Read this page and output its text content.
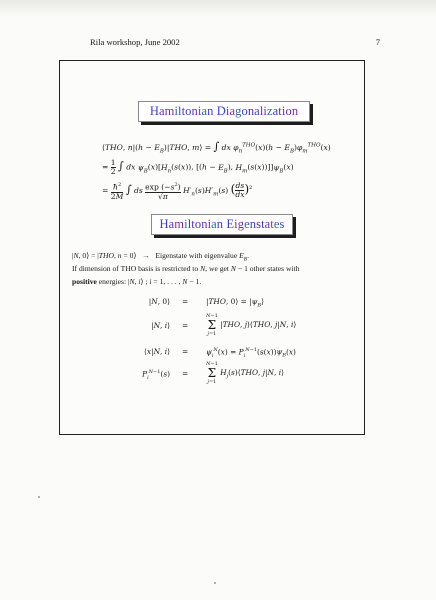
Rila workshop, June 2002	7
Hamiltonian Diagonalization
⟨THO, $n|(h - E_B)|THO$, m⟩ = ∫ dx $\varphi_n^{THO}(x)(h - E_B)\varphi_m^{THO}(x)$
= $\frac{1}{2}$ ∫ dx $\psi_B(x)[H_n(s(x))$, [$(h - E_B)$, $H_m(s(x))]]\psi_B(x)$
= $\frac{ħ^2}{2M}$ ∫ ds $\frac{\exp (-s^2)}{√\pi} H'_n(s)H'_m(s)$ ( $\frac{ds}{dx} )^2$
Hamiltonian Eigenstates
|N, 0⟩ = |THO, n = 0⟩   →   Eigenstate with eigenvalue $E_B$.
If dimension of THO basis is restricted to N, we get N − 1 other states with
positive energies: |N, i⟩ ; i = 1, . . . , N − 1.
|N, 0⟩ = |THO, 0⟩ = $|\psi_B⟩$
|N, i⟩ =
N−1
Σ
j=1
|THO, j⟩⟨THO, j|N, i⟩
⟨x|N, i⟩ = $\psi_i^N(x) = P_i^{N-1}(s(x))\psi_B(x)$
$P_i^{N-1}(s)$ =
N−1
Σ
j=1
$H_j(s)⟨THO$, j|N, i⟩
